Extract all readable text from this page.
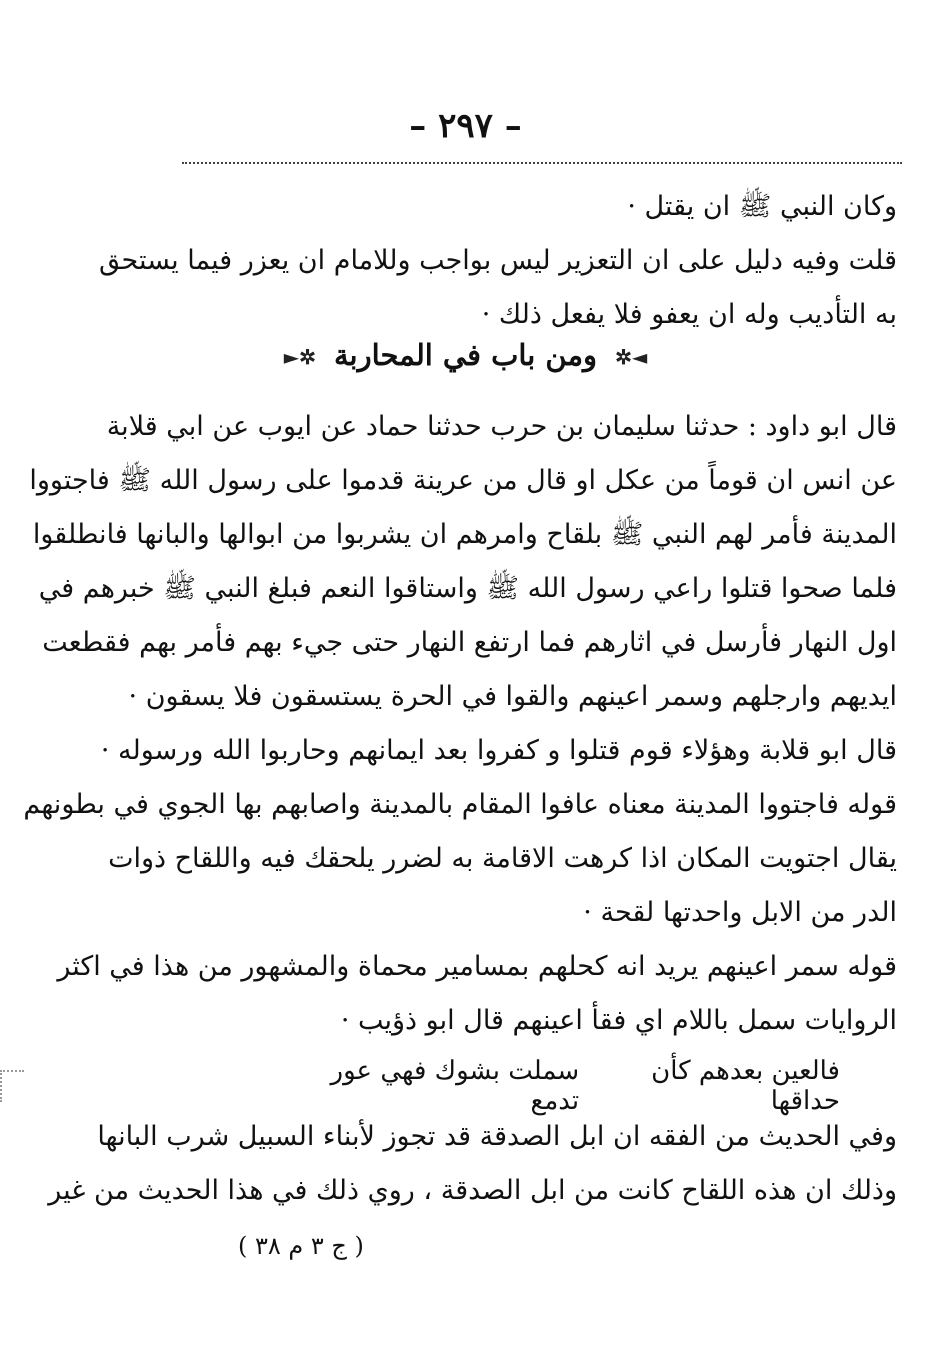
– ٢٩٧ –
وكان النبي ﷺ ان يقتل ·
قلت وفيه دليل على ان التعزير ليس بواجب وللامام ان يعزر فيما يستحق
به التأديب وله ان يعفو فلا يفعل ذلك ·
◄✲ ومن باب في المحاربة ✲►
قال ابو داود : حدثنا سليمان بن حرب حدثنا حماد عن ايوب عن ابي قلابة
عن انس ان قوماً من عكل او قال من عرينة قدموا على رسول الله ﷺ فاجتووا
المدينة فأمر لهم النبي ﷺ بلقاح وامرهم ان يشربوا من ابوالها والبانها فانطلقوا
فلما صحوا قتلوا راعي رسول الله ﷺ واستاقوا النعم فبلغ النبي ﷺ خبرهم في
اول النهار فأرسل في اثارهم فما ارتفع النهار حتى جيء بهم فأمر بهم فقطعت
ايديهم وارجلهم وسمر اعينهم والقوا في الحرة يستسقون فلا يسقون ·
قال ابو قلابة وهؤلاء قوم قتلوا و كفروا بعد ايمانهم وحاربوا الله ورسوله ·
قوله فاجتووا المدينة معناه عافوا المقام بالمدينة واصابهم بها الجوي في بطونهم
يقال اجتويت المكان اذا كرهت الاقامة به لضرر يلحقك فيه واللقاح ذوات
الدر من الابل واحدتها لقحة ·
قوله سمر اعينهم يريد انه كحلهم بمسامير محماة والمشهور من هذا في اكثر
الروايات سمل باللام اي فقأ اعينهم قال ابو ذؤيب ·
فالعين بعدهم كأن حداقها
سملت بشوك فهي عور تدمع
وفي الحديث من الفقه ان ابل الصدقة قد تجوز لأبناء السبيل شرب البانها
وذلك ان هذه اللقاح كانت من ابل الصدقة ، روي ذلك في هذا الحديث من غير
( ج ٣ م ٣٨ )
